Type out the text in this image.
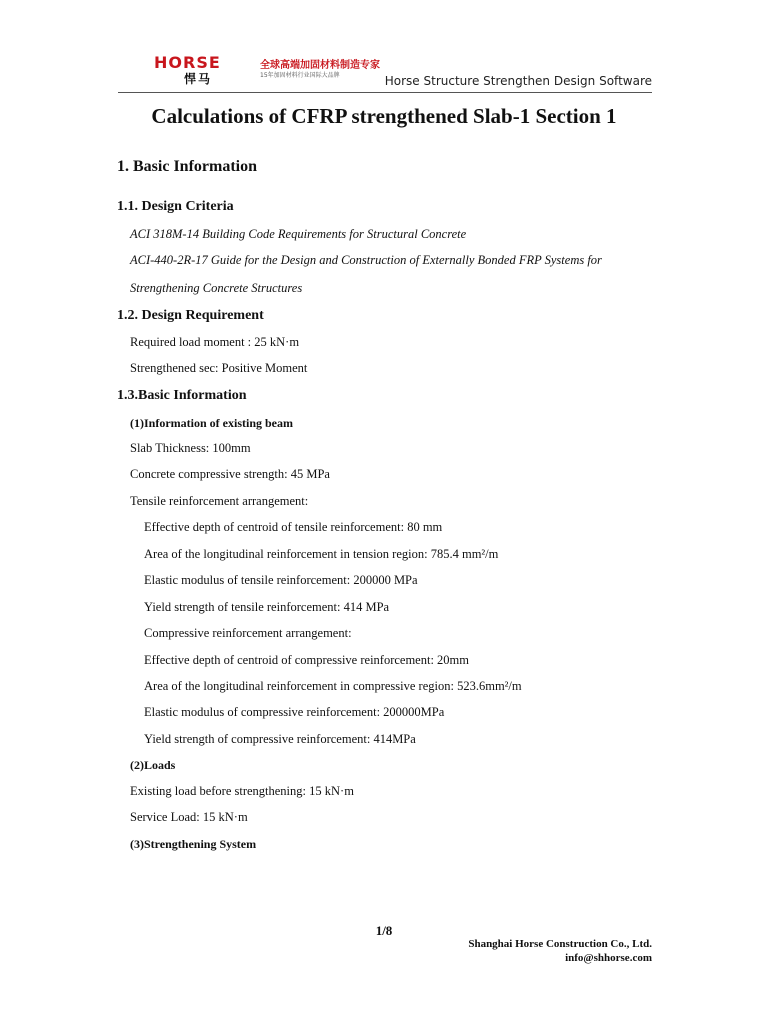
HORSE
悍马
全球高端加固材料制造专家
15年加固材料行业国际大品牌	Horse Structure Strengthen Design Software
Calculations of CFRP strengthened Slab-1 Section 1
1. Basic Information
1.1. Design Criteria
ACI 318M-14 Building Code Requirements for Structural Concrete
ACI-440-2R-17 Guide for the Design and Construction of Externally Bonded FRP Systems for
Strengthening Concrete Structures
1.2. Design Requirement
Required load moment : 25 kN·m
Strengthened sec: Positive Moment
1.3.Basic Information
(1)Information of existing beam
Slab Thickness: 100mm
Concrete compressive strength: 45 MPa
Tensile reinforcement arrangement:
Effective depth of centroid of tensile reinforcement: 80 mm
Area of the longitudinal reinforcement in tension region: 785.4 mm²/m
Elastic modulus of tensile reinforcement: 200000 MPa
Yield strength of tensile reinforcement: 414 MPa
Compressive reinforcement arrangement:
Effective depth of centroid of compressive reinforcement: 20mm
Area of the longitudinal reinforcement in compressive region: 523.6mm²/m
Elastic modulus of compressive reinforcement: 200000MPa
Yield strength of compressive reinforcement: 414MPa
(2)Loads
Existing load before strengthening: 15 kN·m
Service Load: 15 kN·m
(3)Strengthening System
1/8
Shanghai Horse Construction Co., Ltd.
info@shhorse.com
